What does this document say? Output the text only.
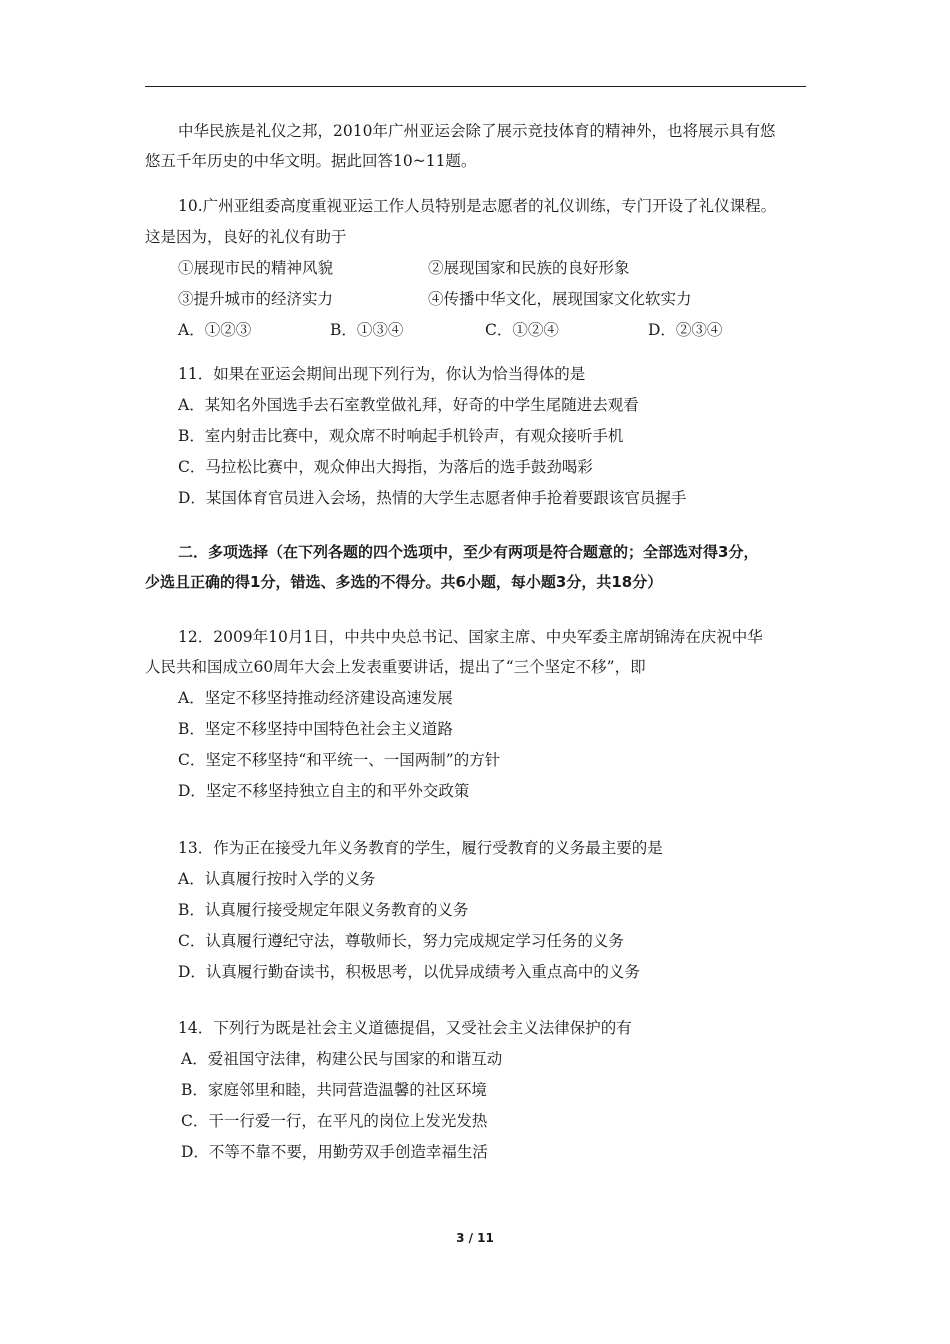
中华民族是礼仪之邦，2010年广州亚运会除了展示竞技体育的精神外，也将展示具有悠
悠五千年历史的中华文明。据此回答10~11题。
10.广州亚组委高度重视亚运工作人员特别是志愿者的礼仪训练，专门开设了礼仪课程。
这是因为，良好的礼仪有助于
①展现市民的精神风貌	②展现国家和民族的良好形象
③提升城市的经济实力	④传播中华文化，展现国家文化软实力
A．①②③	B．①③④	C．①②④	D．②③④
11．如果在亚运会期间出现下列行为，你认为恰当得体的是
A．某知名外国选手去石室教堂做礼拜，好奇的中学生尾随进去观看
B．室内射击比赛中，观众席不时响起手机铃声，有观众接听手机
C．马拉松比赛中，观众伸出大拇指，为落后的选手鼓劲喝彩
D．某国体育官员进入会场，热情的大学生志愿者伸手抢着要跟该官员握手
二．多项选择（在下列各题的四个选项中，至少有两项是符合题意的；全部选对得3分，
少选且正确的得1分，错选、多选的不得分。共6小题，每小题3分，共18分）
12．2009年10月1日，中共中央总书记、国家主席、中央军委主席胡锦涛在庆祝中华
人民共和国成立60周年大会上发表重要讲话，提出了“三个坚定不移”，即
A．坚定不移坚持推动经济建设高速发展
B．坚定不移坚持中国特色社会主义道路
C．坚定不移坚持“和平统一、一国两制”的方针
D．坚定不移坚持独立自主的和平外交政策
13．作为正在接受九年义务教育的学生，履行受教育的义务最主要的是
A．认真履行按时入学的义务
B．认真履行接受规定年限义务教育的义务
C．认真履行遵纪守法，尊敬师长，努力完成规定学习任务的义务
D．认真履行勤奋读书，积极思考，以优异成绩考入重点高中的义务
14．下列行为既是社会主义道德提倡，又受社会主义法律保护的有
A．爱祖国守法律，构建公民与国家的和谐互动
B．家庭邻里和睦，共同营造温馨的社区环境
C．干一行爱一行，在平凡的岗位上发光发热
D．不等不靠不要，用勤劳双手创造幸福生活
3 / 11
